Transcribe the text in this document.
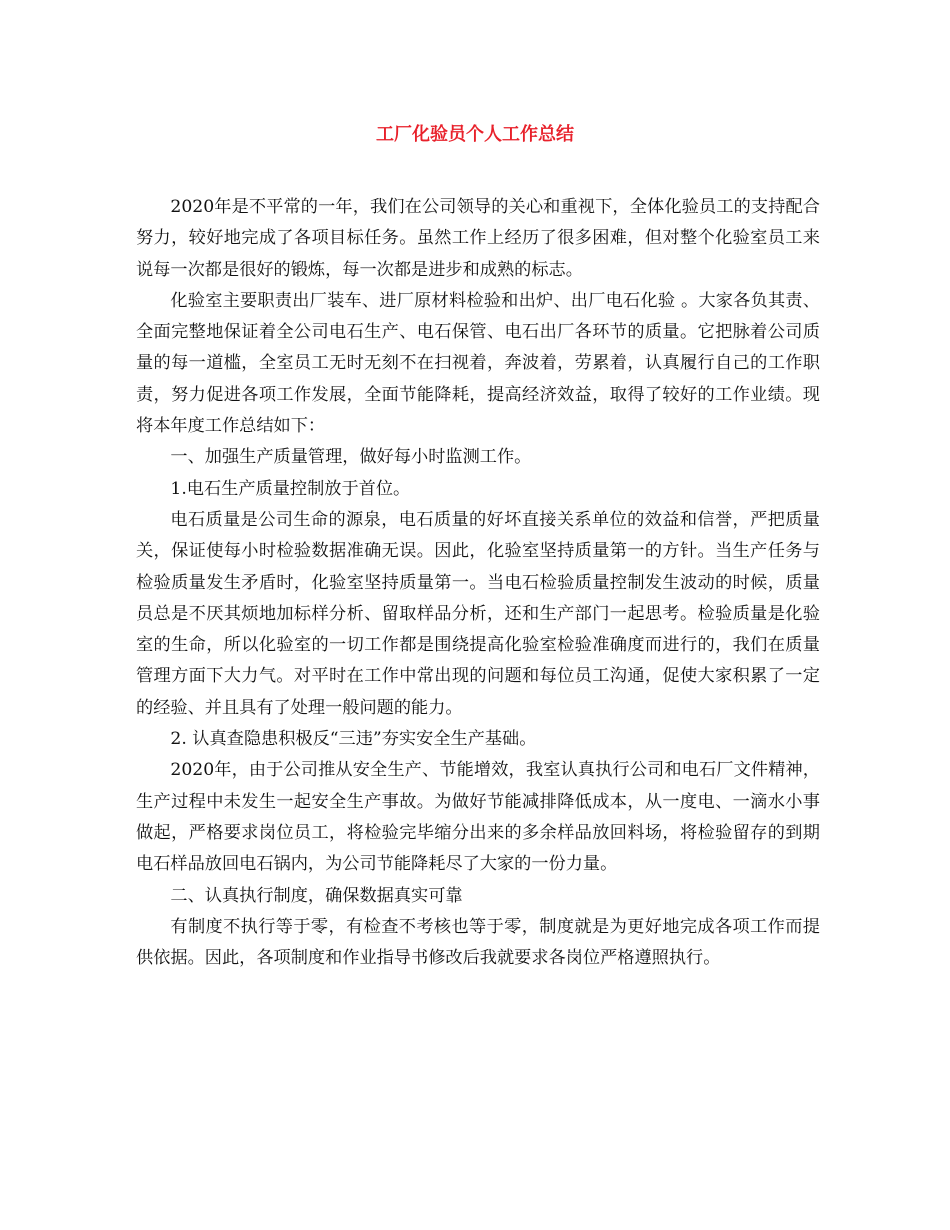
工厂化验员个人工作总结

2020年是不平常的一年，我们在公司领导的关心和重视下，全体化验员工的支持配合努力，较好地完成了各项目标任务。虽然工作上经历了很多困难，但对整个化验室员工来说每一次都是很好的锻炼，每一次都是进步和成熟的标志。

化验室主要职责出厂装车、进厂原材料检验和出炉、出厂电石化验 。大家各负其责、全面完整地保证着全公司电石生产、电石保管、电石出厂各环节的质量。它把脉着公司质量的每一道槛，全室员工无时无刻不在扫视着，奔波着，劳累着，认真履行自己的工作职责，努力促进各项工作发展，全面节能降耗，提高经济效益，取得了较好的工作业绩。现将本年度工作总结如下：

一、加强生产质量管理，做好每小时监测工作。

1.电石生产质量控制放于首位。

电石质量是公司生命的源泉，电石质量的好坏直接关系单位的效益和信誉，严把质量关，保证使每小时检验数据准确无误。因此，化验室坚持质量第一的方针。当生产任务与检验质量发生矛盾时，化验室坚持质量第一。当电石检验质量控制发生波动的时候，质量员总是不厌其烦地加标样分析、留取样品分析，还和生产部门一起思考。检验质量是化验室的生命，所以化验室的一切工作都是围绕提高化验室检验准确度而进行的，我们在质量管理方面下大力气。对平时在工作中常出现的问题和每位员工沟通，促使大家积累了一定的经验、并且具有了处理一般问题的能力。

2. 认真查隐患积极反“三违”夯实安全生产基础。

2020年，由于公司推从安全生产、节能增效，我室认真执行公司和电石厂文件精神，生产过程中未发生一起安全生产事故。为做好节能减排降低成本，从一度电、一滴水小事做起，严格要求岗位员工，将检验完毕缩分出来的多余样品放回料场，将检验留存的到期电石样品放回电石锅内，为公司节能降耗尽了大家的一份力量。

二、认真执行制度，确保数据真实可靠

有制度不执行等于零，有检查不考核也等于零，制度就是为更好地完成各项工作而提供依据。因此，各项制度和作业指导书修改后我就要求各岗位严格遵照执行。
